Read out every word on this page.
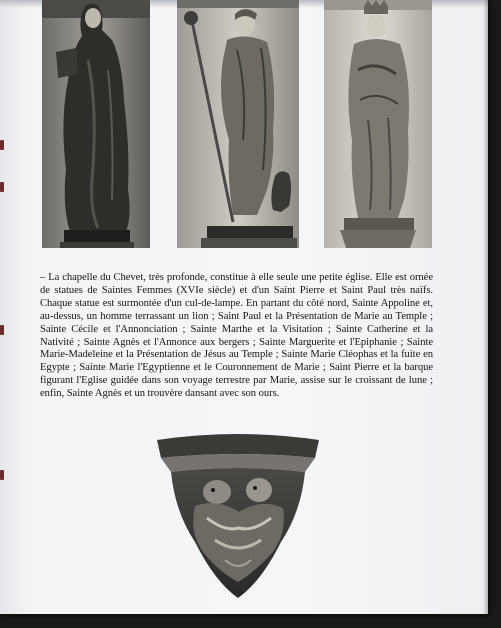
– La chapelle du Chevet, très profonde, constitue à elle seule une petite église. Elle est ornée de statues de Saintes Femmes (XVIe siècle) et d'un Saint Pierre et Saint Paul très naïfs. Chaque statue est surmontée d'un cul-de-lampe. En partant du côté nord, Sainte Appoline et, au-dessus, un homme terrassant un lion ; Saint Paul et la Présentation de Marie au Temple ; Sainte Cécile et l'Annonciation ; Sainte Marthe et la Visitation ; Sainte Catherine et la Nativité ; Sainte Agnès et l'Annonce aux bergers ; Sainte Marguerite et l'Epiphanie ; Sainte Marie-Madeleine et la Présentation de Jésus au Temple ; Sainte Marie Cléophas et la fuite en Egypte ; Sainte Marie l'Egyptienne et le Couronnement de Marie ; Saint Pierre et la barque figurant l'Eglise guidée dans son voyage terrestre par Marie, assise sur le croissant de lune ; enfin, Sainte Agnès et un trouvère dansant avec son ours.
